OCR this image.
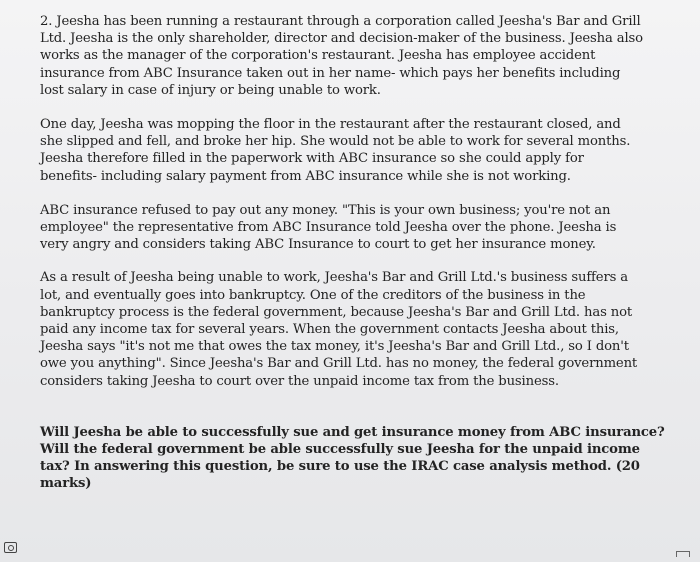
2. Jeesha has been running a restaurant through a corporation called Jeesha's Bar and Grill
Ltd. Jeesha is the only shareholder, director and decision-maker of the business. Jeesha also
works as the manager of the corporation's restaurant. Jeesha has employee accident
insurance from ABC Insurance taken out in her name- which pays her benefits including
lost salary in case of injury or being unable to work.

One day, Jeesha was mopping the floor in the restaurant after the restaurant closed, and
she slipped and fell, and broke her hip. She would not be able to work for several months.
Jeesha therefore filled in the paperwork with ABC insurance so she could apply for
benefits- including salary payment from ABC insurance while she is not working.

ABC insurance refused to pay out any money. "This is your own business; you're not an
employee" the representative from ABC Insurance told Jeesha over the phone. Jeesha is
very angry and considers taking ABC Insurance to court to get her insurance money.

As a result of Jeesha being unable to work, Jeesha's Bar and Grill Ltd.'s business suffers a
lot, and eventually goes into bankruptcy. One of the creditors of the business in the
bankruptcy process is the federal government, because Jeesha's Bar and Grill Ltd. has not
paid any income tax for several years. When the government contacts Jeesha about this,
Jeesha says "it's not me that owes the tax money, it's Jeesha's Bar and Grill Ltd., so I don't
owe you anything". Since Jeesha's Bar and Grill Ltd. has no money, the federal government
considers taking Jeesha to court over the unpaid income tax from the business.

Will Jeesha be able to successfully sue and get insurance money from ABC insurance?
Will the federal government be able successfully sue Jeesha for the unpaid income
tax? In answering this question, be sure to use the IRAC case analysis method. (20
marks)
